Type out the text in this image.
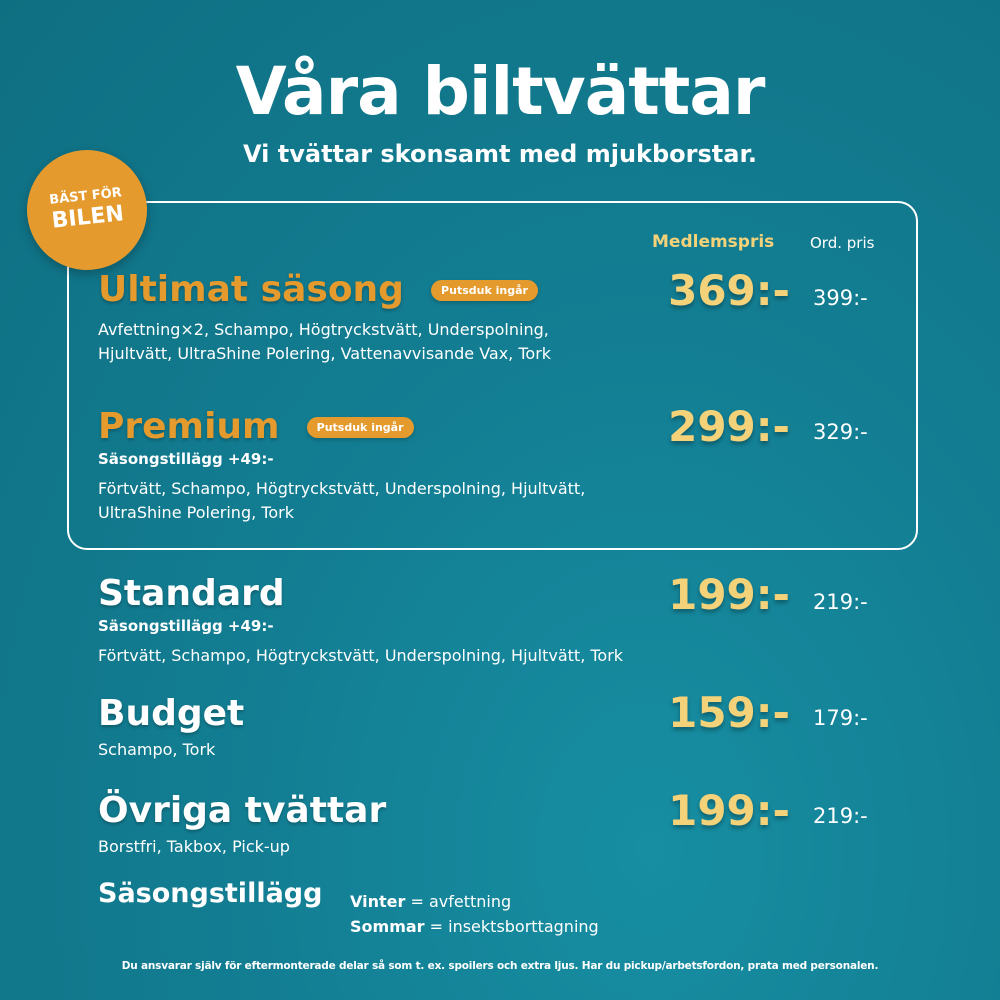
Våra biltvättar
Vi tvättar skonsamt med mjukborstar.
BÄST FÖR
BILEN
Medlemspris Ord. pris
Ultimat säsong	Putsduk ingår
Avfettning×2, Schampo, Högtryckstvätt, Underspolning,
Hjultvätt, UltraShine Polering, Vattenavvisande Vax, Tork
369:- 399:-
Premium	Putsduk ingår
Säsongstillägg +49:-
Förtvätt, Schampo, Högtryckstvätt, Underspolning, Hjultvätt,
UltraShine Polering, Tork
299:- 329:-
Standard
Säsongstillägg +49:-
Förtvätt, Schampo, Högtryckstvätt, Underspolning, Hjultvätt, Tork
199:- 219:-
Budget
Schampo, Tork
159:- 179:-
Övriga tvättar
Borstfri, Takbox, Pick-up
199:- 219:-
Säsongstillägg Vinter = avfettning
Sommar = insektsborttagning
Du ansvarar själv för eftermonterade delar så som t. ex. spoilers och extra ljus. Har du pickup/arbetsfordon, prata med personalen.
